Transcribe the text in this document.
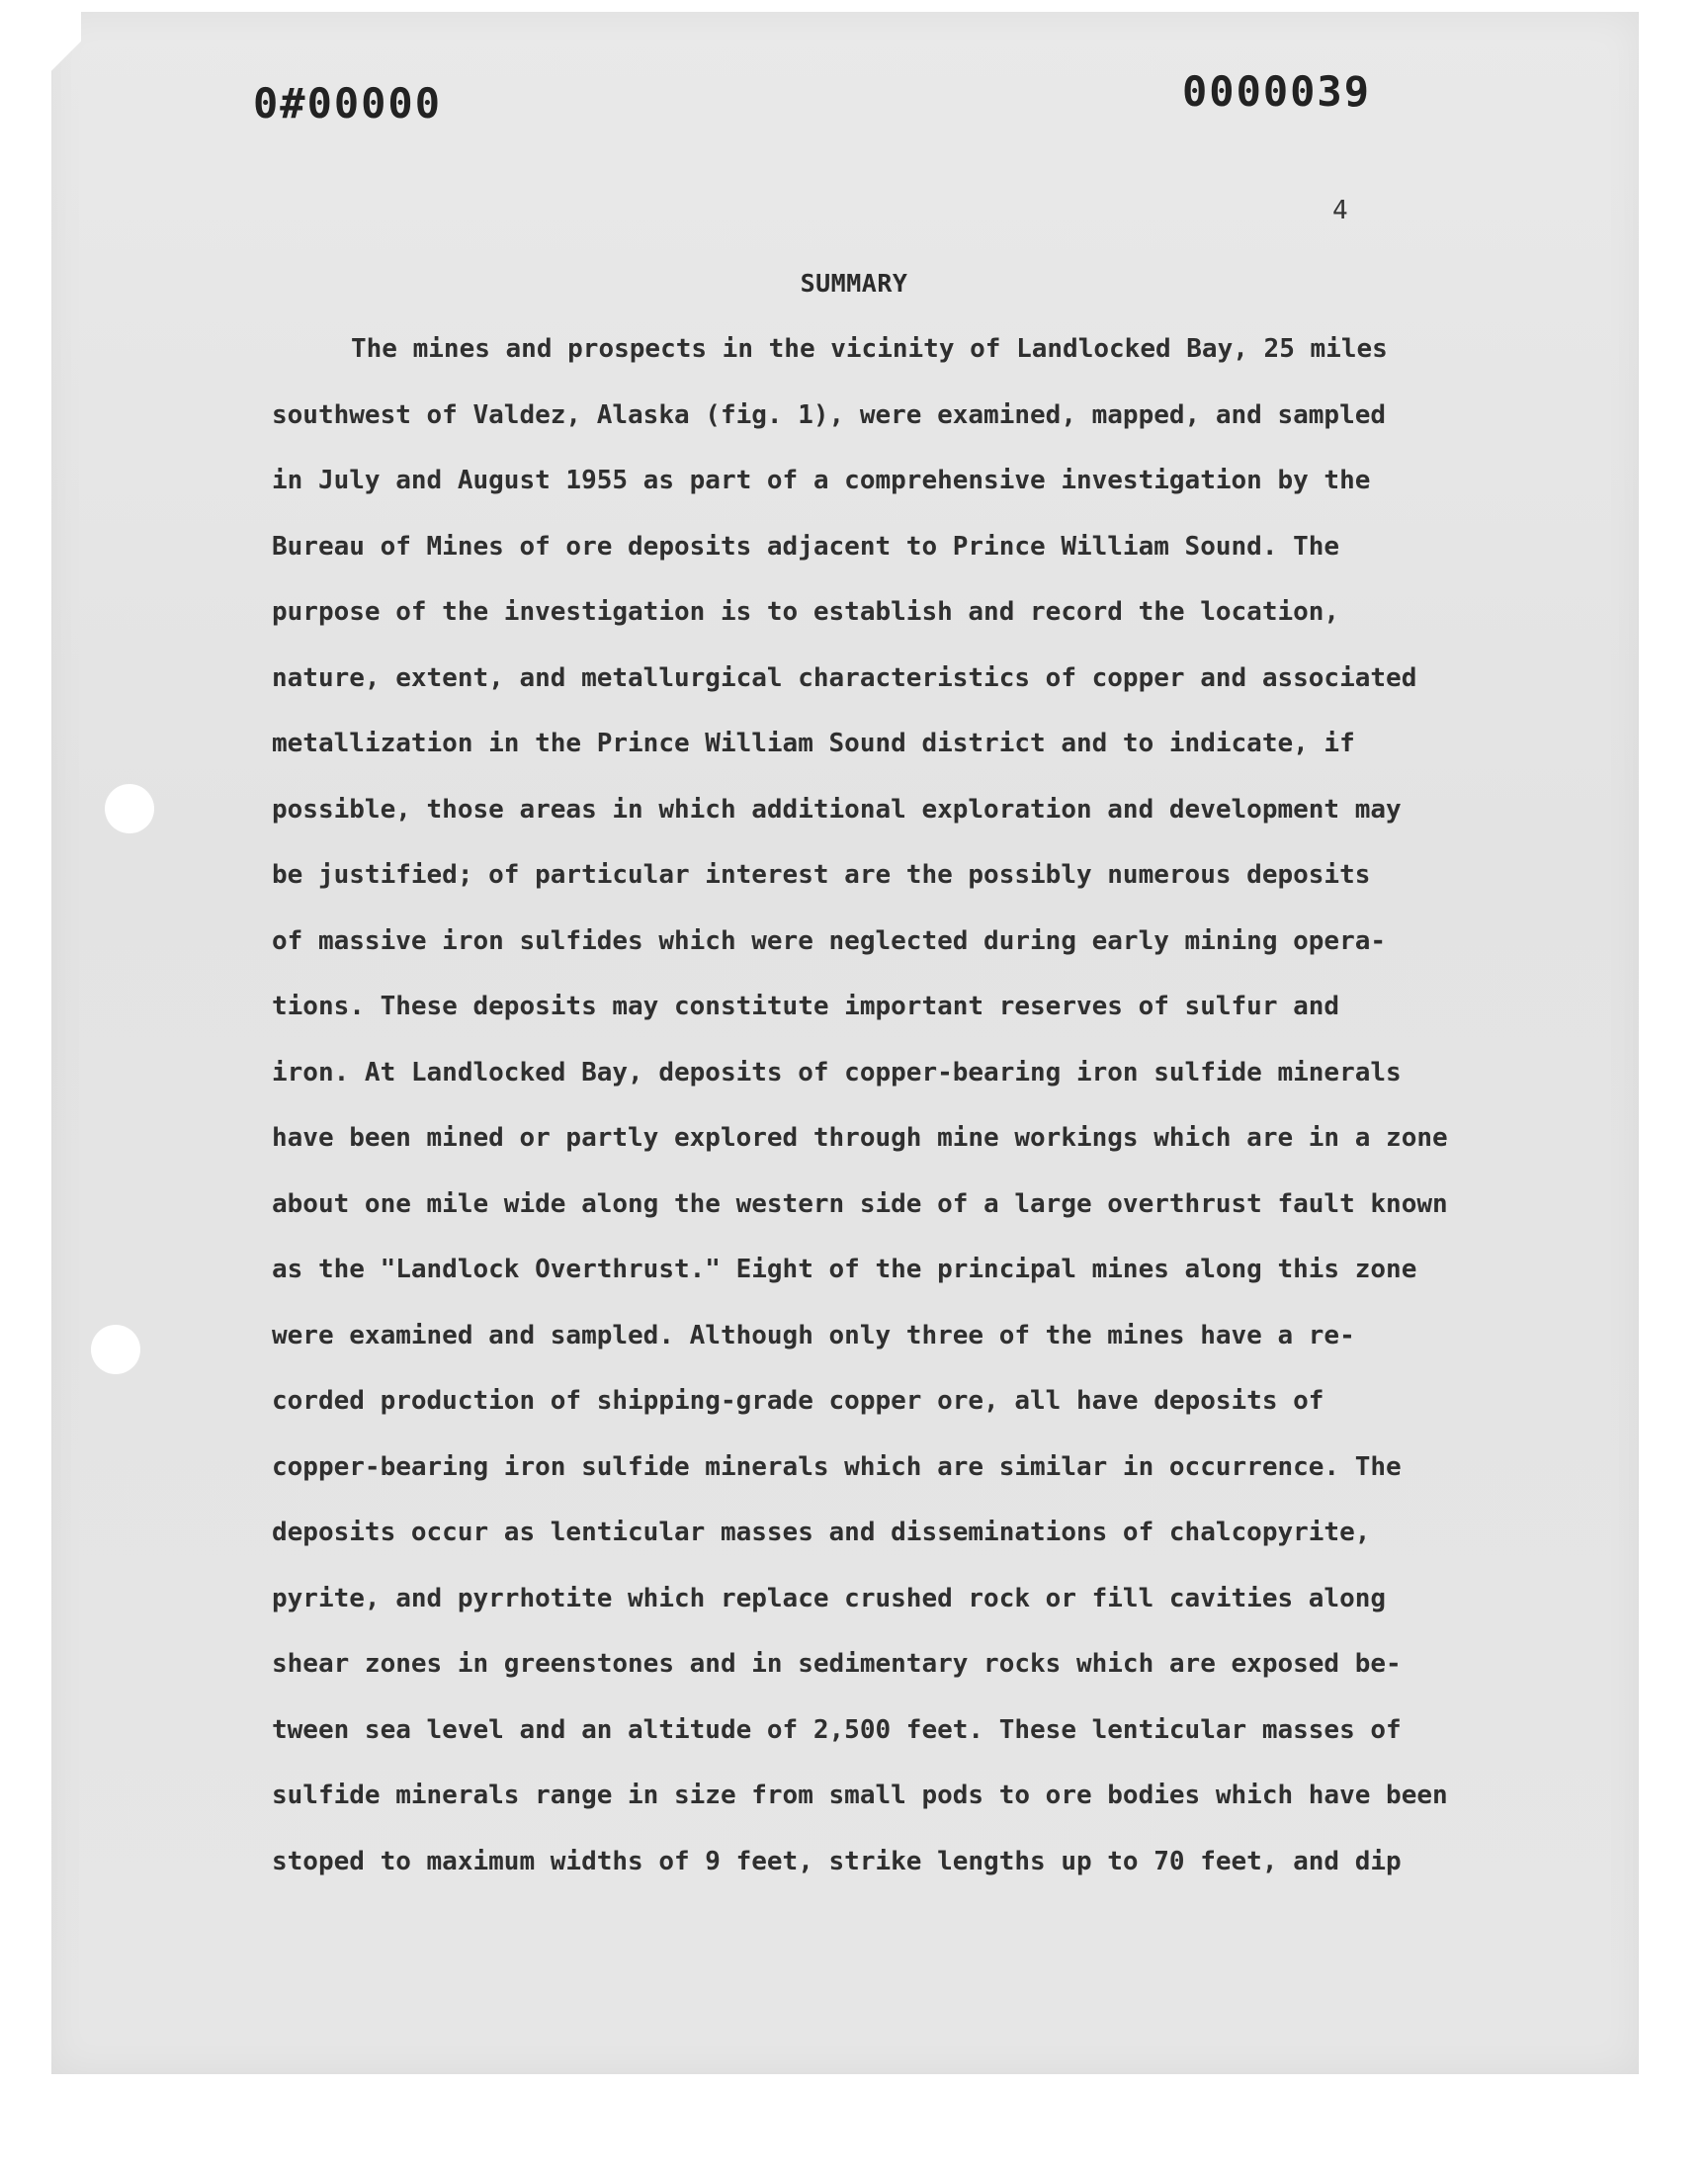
0#00000	0000039
4
SUMMARY
The mines and prospects in the vicinity of Landlocked Bay, 25 miles
southwest of Valdez, Alaska (fig. 1), were examined, mapped, and sampled
in July and August 1955 as part of a comprehensive investigation by the
Bureau of Mines of ore deposits adjacent to Prince William Sound. The
purpose of the investigation is to establish and record the location,
nature, extent, and metallurgical characteristics of copper and associated
metallization in the Prince William Sound district and to indicate, if
possible, those areas in which additional exploration and development may
be justified; of particular interest are the possibly numerous deposits
of massive iron sulfides which were neglected during early mining opera-
tions. These deposits may constitute important reserves of sulfur and
iron. At Landlocked Bay, deposits of copper-bearing iron sulfide minerals
have been mined or partly explored through mine workings which are in a zone
about one mile wide along the western side of a large overthrust fault known
as the "Landlock Overthrust." Eight of the principal mines along this zone
were examined and sampled. Although only three of the mines have a re-
corded production of shipping-grade copper ore, all have deposits of
copper-bearing iron sulfide minerals which are similar in occurrence. The
deposits occur as lenticular masses and disseminations of chalcopyrite,
pyrite, and pyrrhotite which replace crushed rock or fill cavities along
shear zones in greenstones and in sedimentary rocks which are exposed be-
tween sea level and an altitude of 2,500 feet. These lenticular masses of
sulfide minerals range in size from small pods to ore bodies which have been
stoped to maximum widths of 9 feet, strike lengths up to 70 feet, and dip
